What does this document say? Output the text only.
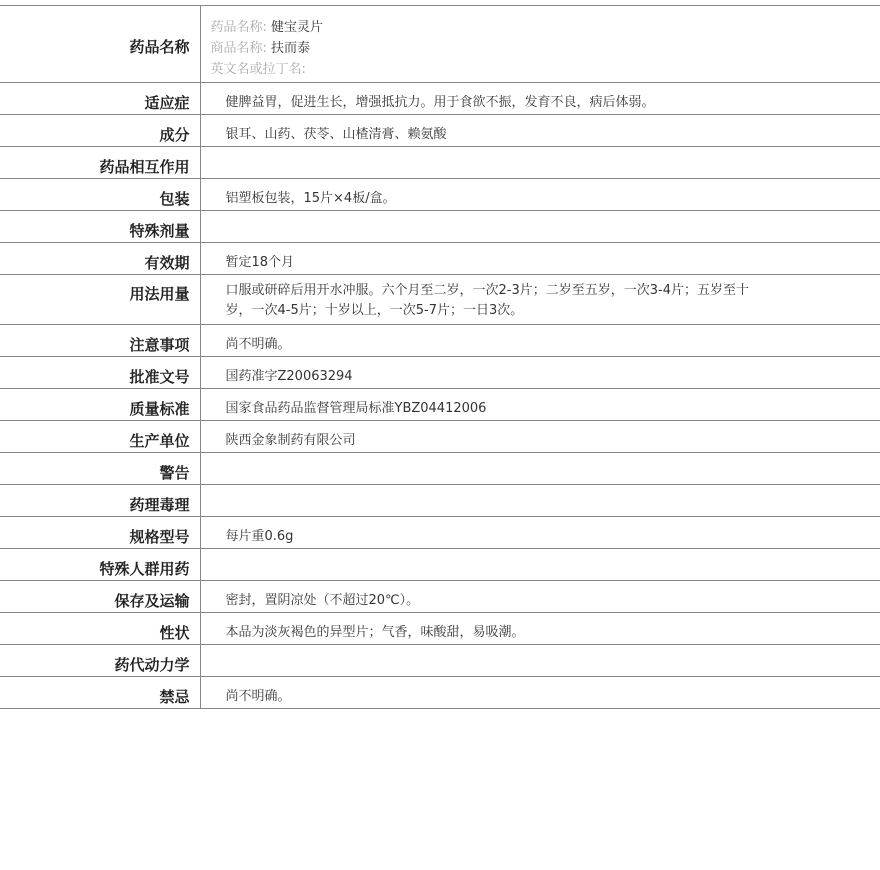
药品名称	药品名称: 健宝灵片
商品名称: 扶而泰
英文名或拉丁名:

适应症	健脾益胃，促进生长，增强抵抗力。用于食欲不振，发育不良，病后体弱。
成分	银耳、山药、茯苓、山楂清膏、赖氨酸
药品相互作用	
包装	铝塑板包装，15片×4板/盒。
特殊剂量	
有效期	暂定18个月
用法用量	口服或研碎后用开水冲服。六个月至二岁，一次2-3片；二岁至五岁，一次3-4片；五岁至十岁，一次4-5片；十岁以上，一次5-7片；一日3次。

注意事项	尚不明确。
批准文号	国药准字Z20063294
质量标准	国家食品药品监督管理局标准YBZ04412006
生产单位	陕西金象制药有限公司
警告	
药理毒理	
规格型号	每片重0.6g
特殊人群用药	
保存及运输	密封，置阴凉处（不超过20℃）。
性状	本品为淡灰褐色的异型片；气香，味酸甜，易吸潮。
药代动力学	
禁忌	尚不明确。
